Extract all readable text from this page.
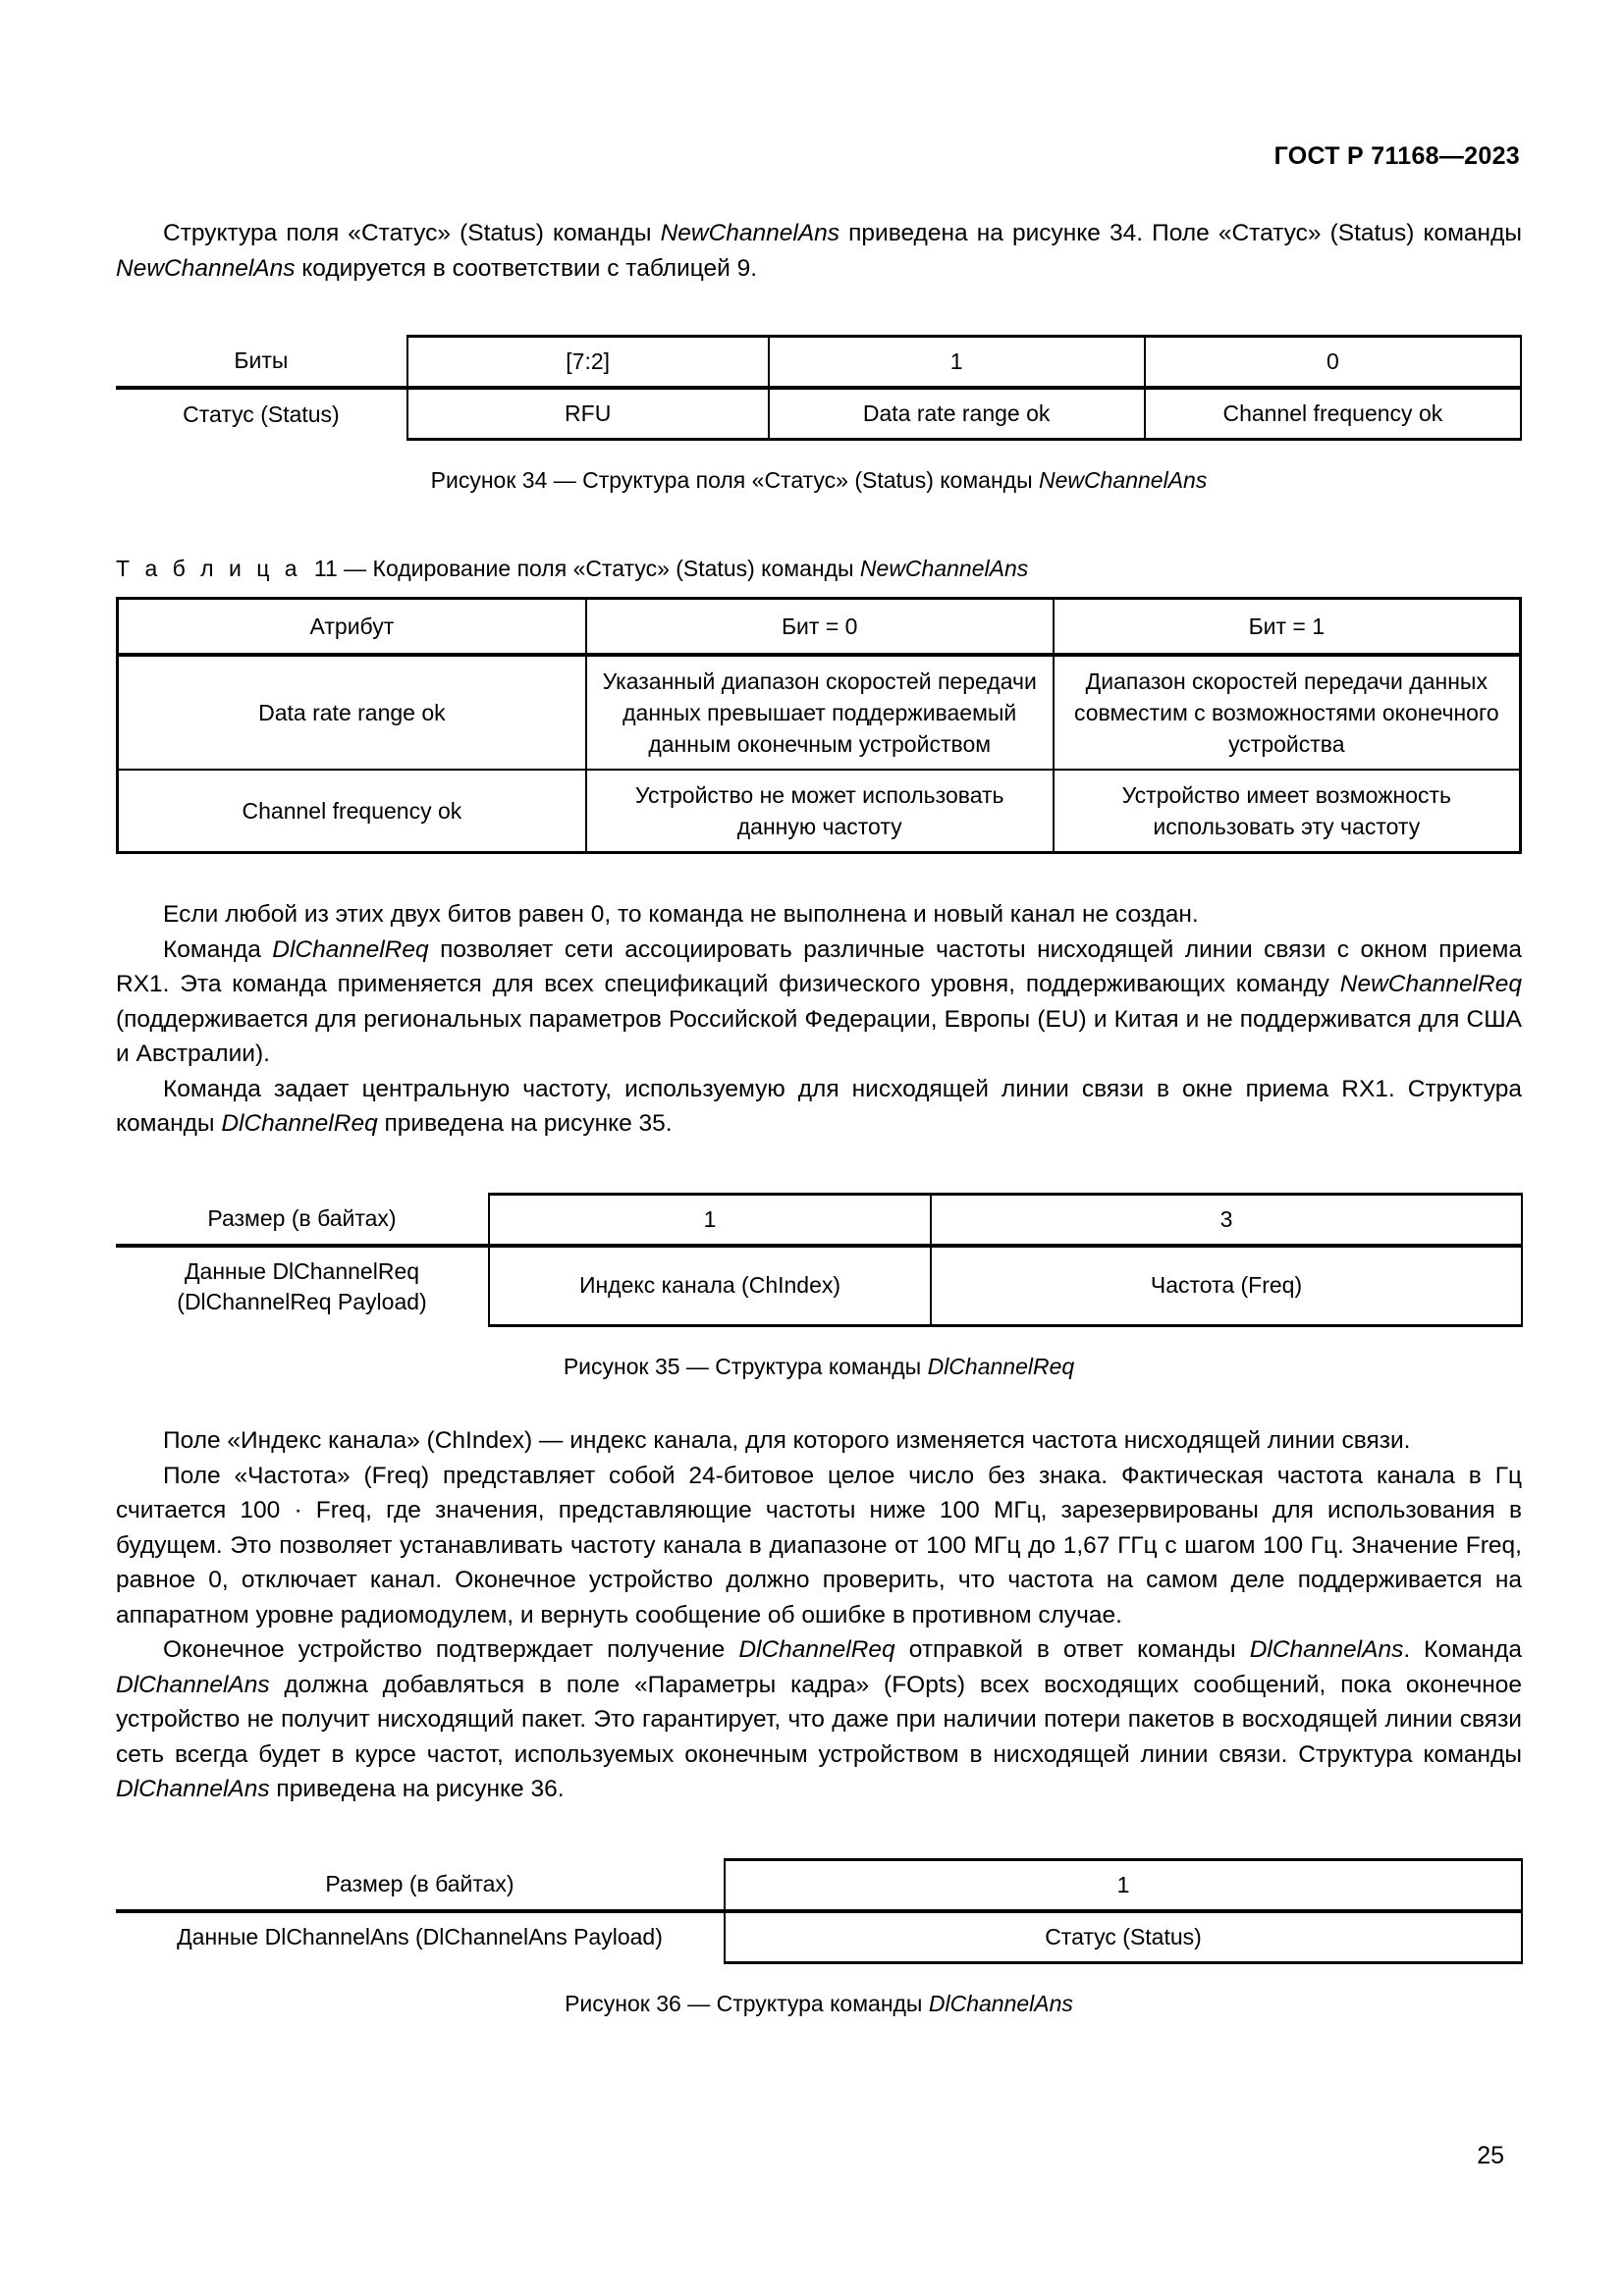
ГОСТ Р 71168—2023
Структура поля «Статус» (Status) команды NewChannelAns приведена на рисунке 34. Поле «Статус» (Status) команды NewChannelAns кодируется в соответствии с таблицей 9.
Биты	[7:2]	1	0
Статус (Status)	RFU	Data rate range ok	Channel frequency ok
Рисунок 34 — Структура поля «Статус» (Status) команды NewChannelAns
Т а б л и ц а 11 — Кодирование поля «Статус» (Status) команды NewChannelAns
Атрибут	Бит = 0	Бит = 1
Data rate range ok	Указанный диапазон скоростей передачи данных превышает поддерживаемый данным оконечным устройством	Диапазон скоростей передачи данных совместим с возможностями оконечного устройства
Channel frequency ok	Устройство не может использовать данную частоту	Устройство имеет возможность использовать эту частоту
Если любой из этих двух битов равен 0, то команда не выполнена и новый канал не создан.
Команда DlChannelReq позволяет сети ассоциировать различные частоты нисходящей линии связи с окном приема RX1. Эта команда применяется для всех спецификаций физического уровня, поддерживающих команду NewChannelReq (поддерживается для региональных параметров Российской Федерации, Европы (EU) и Китая и не поддерживатся для США и Австралии).
Команда задает центральную частоту, используемую для нисходящей линии связи в окне приема RX1. Структура команды DlChannelReq приведена на рисунке 35.
Размер (в байтах)	1	3

Данные DlChannelReq
(DlChannelReq Payload)	Индекс канала (ChIndex)	Частота (Freq)
Рисунок 35 — Структура команды DlChannelReq
Поле «Индекс канала» (ChIndex) — индекс канала, для которого изменяется частота нисходящей линии связи.
Поле «Частота» (Freq) представляет собой 24-битовое целое число без знака. Фактическая частота канала в Гц считается 100 · Freq, где значения, представляющие частоты ниже 100 МГц, зарезервированы для использования в будущем. Это позволяет устанавливать частоту канала в диапазоне от 100 МГц до 1,67 ГГц с шагом 100 Гц. Значение Freq, равное 0, отключает канал. Оконечное устройство должно проверить, что частота на самом деле поддерживается на аппаратном уровне радиомодулем, и вернуть сообщение об ошибке в противном случае.
Оконечное устройство подтверждает получение DlChannelReq отправкой в ответ команды DlChannelAns. Команда DlChannelAns должна добавляться в поле «Параметры кадра» (FOpts) всех восходящих сообщений, пока оконечное устройство не получит нисходящий пакет. Это гарантирует, что даже при наличии потери пакетов в восходящей линии связи сеть всегда будет в курсе частот, используемых оконечным устройством в нисходящей линии связи. Структура команды DlChannelAns приведена на рисунке 36.
Размер (в байтах)	1
Данные DlChannelAns (DlChannelAns Payload)	Статус (Status)
Рисунок 36 — Структура команды DlChannelAns
25
